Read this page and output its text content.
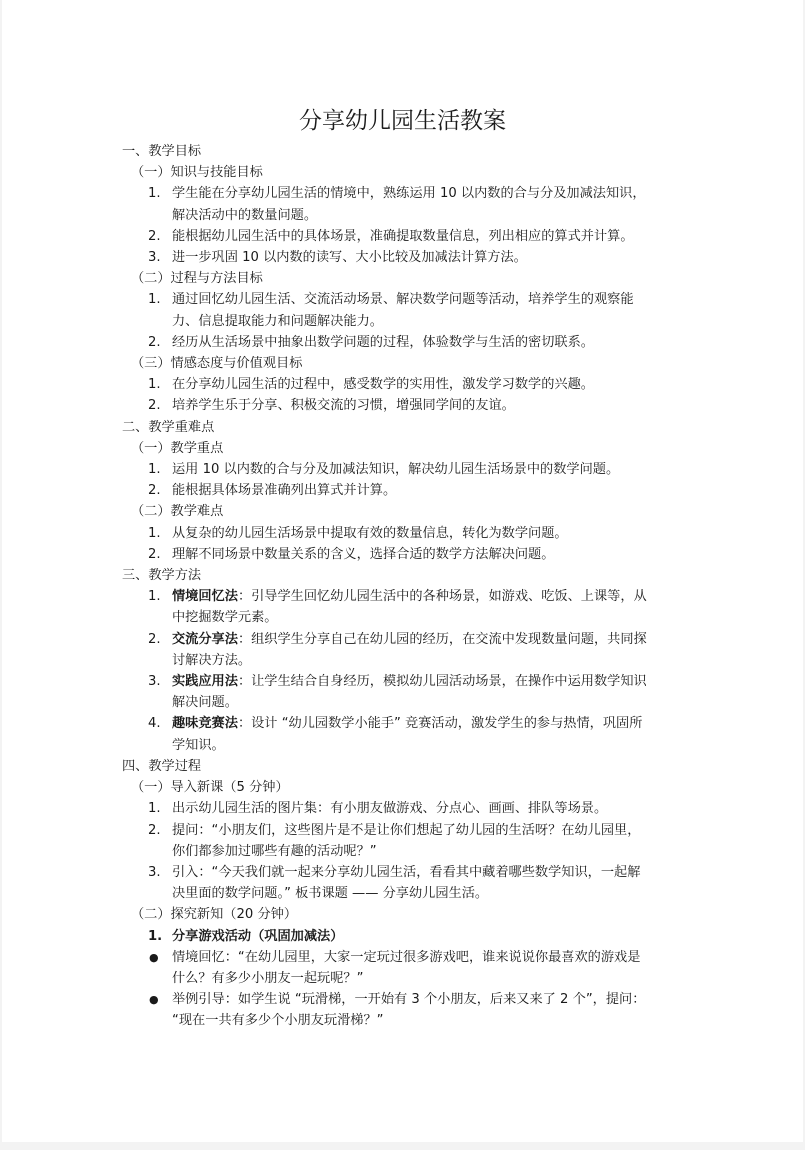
分享幼儿园生活教案
一、教学目标
（一）知识与技能目标
1. 学生能在分享幼儿园生活的情境中，熟练运用 10 以内数的合与分及加减法知识，
解决活动中的数量问题。
2. 能根据幼儿园生活中的具体场景，准确提取数量信息，列出相应的算式并计算。
3. 进一步巩固 10 以内数的读写、大小比较及加减法计算方法。
（二）过程与方法目标
1. 通过回忆幼儿园生活、交流活动场景、解决数学问题等活动，培养学生的观察能
力、信息提取能力和问题解决能力。
2. 经历从生活场景中抽象出数学问题的过程，体验数学与生活的密切联系。
（三）情感态度与价值观目标
1. 在分享幼儿园生活的过程中，感受数学的实用性，激发学习数学的兴趣。
2. 培养学生乐于分享、积极交流的习惯，增强同学间的友谊。
二、教学重难点
（一）教学重点
1. 运用 10 以内数的合与分及加减法知识，解决幼儿园生活场景中的数学问题。
2. 能根据具体场景准确列出算式并计算。
（二）教学难点
1. 从复杂的幼儿园生活场景中提取有效的数量信息，转化为数学问题。
2. 理解不同场景中数量关系的含义，选择合适的数学方法解决问题。
三、教学方法
1. 情境回忆法：引导学生回忆幼儿园生活中的各种场景，如游戏、吃饭、上课等，从
中挖掘数学元素。
2. 交流分享法：组织学生分享自己在幼儿园的经历，在交流中发现数量问题，共同探
讨解决方法。
3. 实践应用法：让学生结合自身经历，模拟幼儿园活动场景，在操作中运用数学知识
解决问题。
4. 趣味竞赛法：设计 “幼儿园数学小能手” 竞赛活动，激发学生的参与热情，巩固所
学知识。
四、教学过程
（一）导入新课（5 分钟）
1. 出示幼儿园生活的图片集：有小朋友做游戏、分点心、画画、排队等场景。
2. 提问：“小朋友们，这些图片是不是让你们想起了幼儿园的生活呀？在幼儿园里，
你们都参加过哪些有趣的活动呢？”
3. 引入：“今天我们就一起来分享幼儿园生活，看看其中藏着哪些数学知识，一起解
决里面的数学问题。” 板书课题 —— 分享幼儿园生活。
（二）探究新知（20 分钟）
1. 分享游戏活动（巩固加减法）
● 情境回忆：“在幼儿园里，大家一定玩过很多游戏吧，谁来说说你最喜欢的游戏是
什么？有多少小朋友一起玩呢？”
● 举例引导：如学生说 “玩滑梯，一开始有 3 个小朋友，后来又来了 2 个”，提问：
“现在一共有多少个小朋友玩滑梯？”
